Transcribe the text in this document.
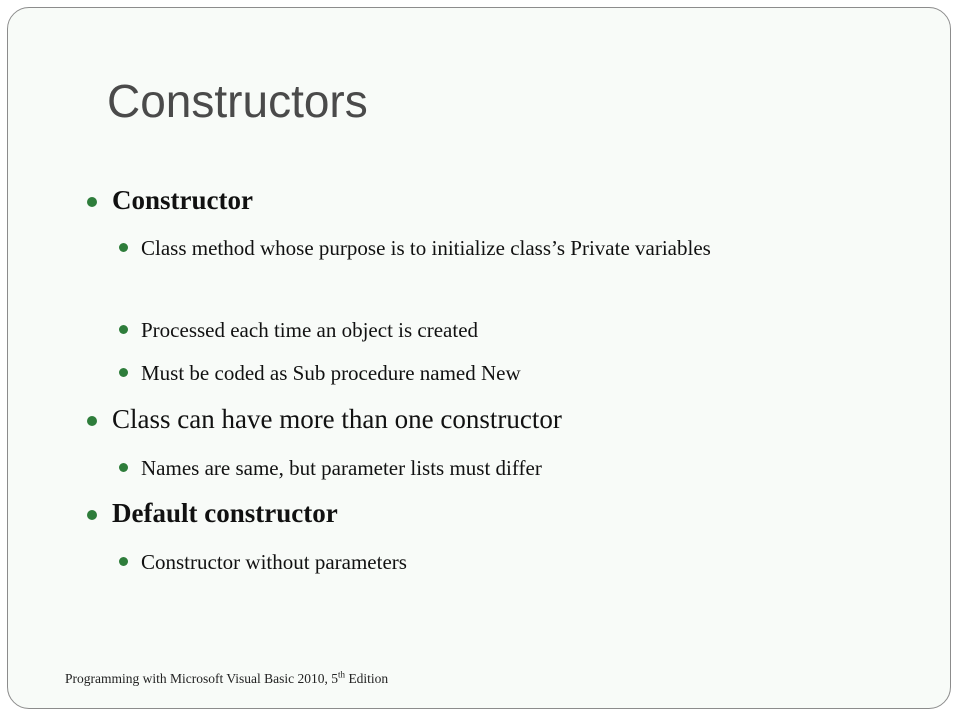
Constructors
Constructor
Class method whose purpose is to initialize class’s Private variables
Processed each time an object is created
Must be coded as Sub procedure named New
Class can have more than one constructor
Names are same, but parameter lists must differ
Default constructor
Constructor without parameters
Programming with Microsoft Visual Basic 2010, 5th Edition
